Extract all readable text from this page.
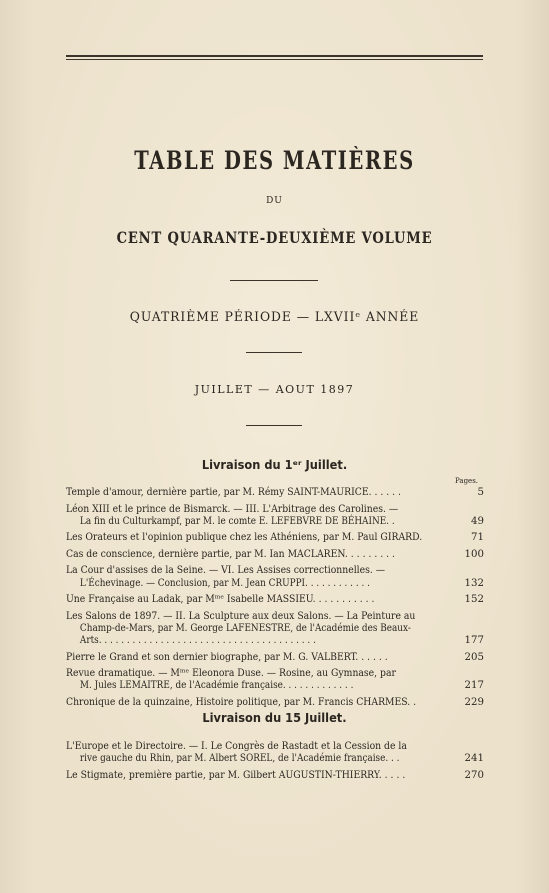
TABLE DES MATIÈRES
DU
CENT QUARANTE-DEUXIÈME VOLUME
QUATRIÈME PÉRIODE — LXVIIᵉ ANNÉE
JUILLET — AOUT 1897
Livraison du 1ᵉʳ Juillet.
Pages.
Temple d'amour, dernière partie, par M. Rémy SAINT-MAURICE. . . . . .	5
Léon XIII et le prince de Bismarck. — III. L'Arbitrage des Carolines. —
La fin du Culturkampf, par M. le comte E. LEFEBVRE DE BÉHAINE. .	49
Les Orateurs et l'opinion publique chez les Athéniens, par M. Paul GIRARD.	71
Cas de conscience, dernière partie, par M. Ian MACLAREN. . . . . . . . .	100
La Cour d'assises de la Seine. — VI. Les Assises correctionnelles. —
L'Échevinage. — Conclusion, par M. Jean CRUPPI. . . . . . . . . . . .	132
Une Française au Ladak, par Mᵐᵉ Isabelle MASSIEU. . . . . . . . . . .	152
Les Salons de 1897. — II. La Sculpture aux deux Salons. — La Peinture au
Champ-de-Mars, par M. George LAFENESTRE, de l'Académie des Beaux-
Arts. . . . . . . . . . . . . . . . . . . . . . . . . . . . . . . . . . . . . . .	177
Pierre le Grand et son dernier biographe, par M. G. VALBERT. . . . . .	205
Revue dramatique. — Mᵐᵉ Eleonora Duse. — Rosine, au Gymnase, par
M. Jules LEMAITRE, de l'Académie française. . . . . . . . . . . . .	217
Chronique de la quinzaine, Histoire politique, par M. Francis CHARMES. .	229
Livraison du 15 Juillet.
L'Europe et le Directoire. — I. Le Congrès de Rastadt et la Cession de la
rive gauche du Rhin, par M. Albert SOREL, de l'Académie française. . .	241
Le Stigmate, première partie, par M. Gilbert AUGUSTIN-THIERRY. . . . .	270
